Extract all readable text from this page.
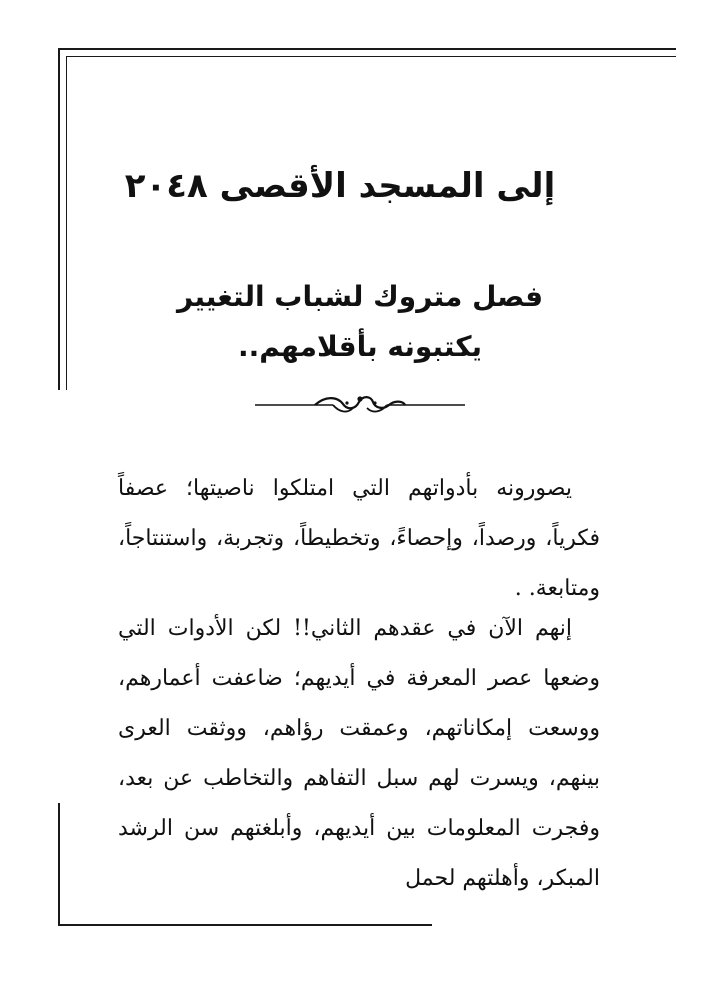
إلى المسجد الأقصى ٢٠٤٨
فصل متروك لشباب التغيير
يكتبونه بأقلامهم..

يصورونه بأدواتهم التي امتلكوا ناصيتها؛ عصفاً فكرياً، ورصداً، وإحصاءً، وتخطيطاً، وتجربة، واستنتاجاً، ومتابعة. .

إنهم الآن في عقدهم الثاني!! لكن الأدوات التي وضعها عصر المعرفة في أيديهم؛ ضاعفت أعمارهم، ووسعت إمكاناتهم، وعمقت رؤاهم، ووثقت العرى بينهم، ويسرت لهم سبل التفاهم والتخاطب عن بعد، وفجرت المعلومات بين أيديهم، وأبلغتهم سن الرشد المبكر، وأهلتهم لحمل
